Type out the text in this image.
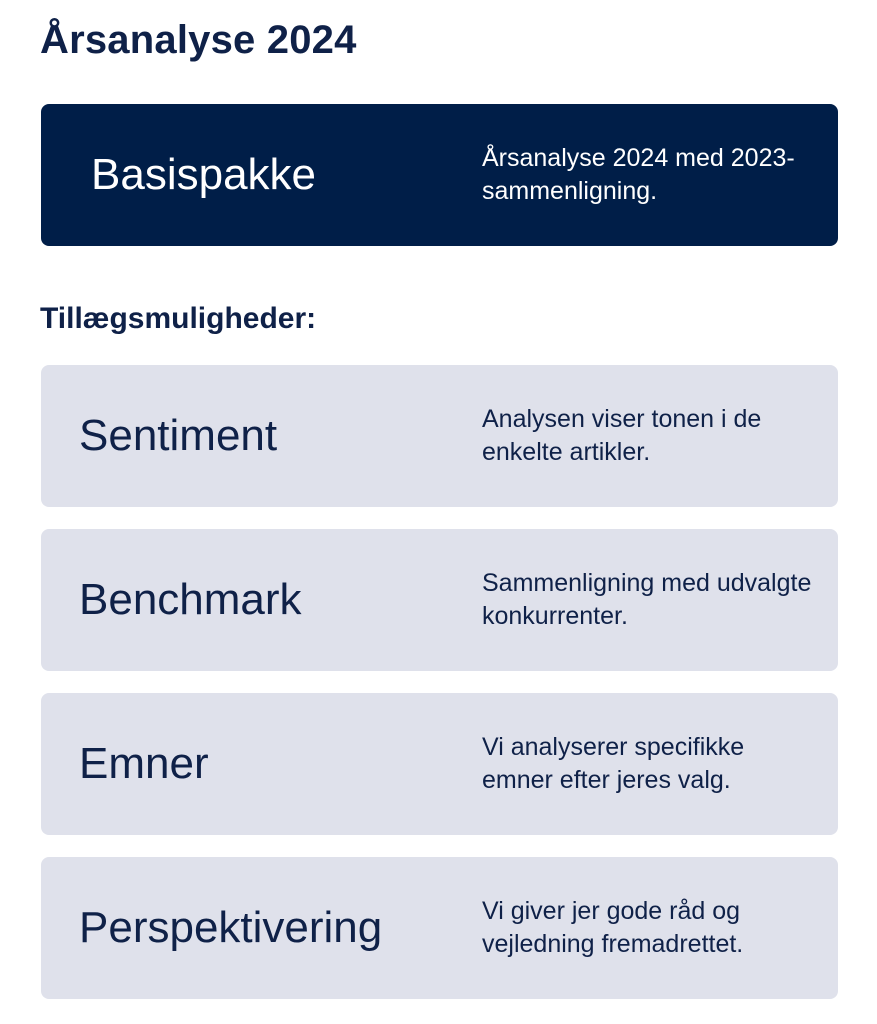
Årsanalyse 2024
Basispakke	Årsanalyse 2024 med 2023-sammenligning.
Tillægsmuligheder:
Sentiment	Analysen viser tonen i de enkelte artikler.
Benchmark	Sammenligning med udvalgte konkurrenter.
Emner	Vi analyserer specifikke emner efter jeres valg.
Perspektivering	Vi giver jer gode råd og vejledning fremadrettet.
